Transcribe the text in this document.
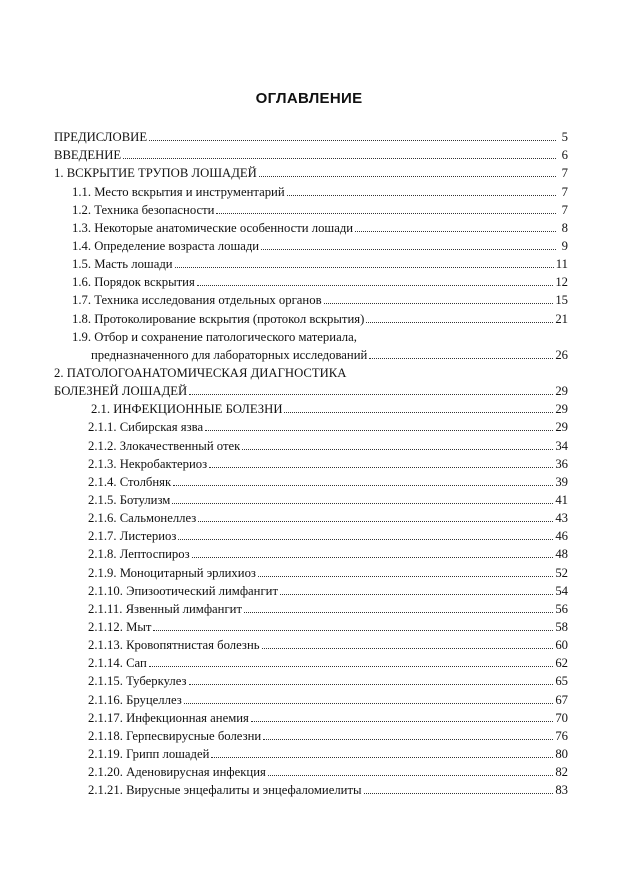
ОГЛАВЛЕНИЕ
ПРЕДИСЛОВИЕ	5
ВВЕДЕНИЕ	6
1. ВСКРЫТИЕ ТРУПОВ ЛОШАДЕЙ	7
1.1. Место вскрытия и инструментарий	7
1.2. Техника безопасности	7
1.3. Некоторые анатомические особенности лошади	8
1.4. Определение возраста лошади	9
1.5. Масть лошади	11
1.6. Порядок вскрытия	12
1.7. Техника исследования отдельных органов	15
1.8. Протоколирование вскрытия (протокол вскрытия)	21
1.9. Отбор и сохранение патологического материала,
предназначенного для лабораторных исследований	26
2. ПАТОЛОГОАНАТОМИЧЕСКАЯ ДИАГНОСТИКА
БОЛЕЗНЕЙ ЛОШАДЕЙ	29
2.1. ИНФЕКЦИОННЫЕ БОЛЕЗНИ	29
2.1.1. Сибирская язва	29
2.1.2. Злокачественный отек	34
2.1.3. Некробактериоз	36
2.1.4. Столбняк	39
2.1.5. Ботулизм	41
2.1.6. Сальмонеллез	43
2.1.7. Листериоз	46
2.1.8. Лептоспироз	48
2.1.9. Моноцитарный эрлихиоз	52
2.1.10. Эпизоотический лимфангит	54
2.1.11. Язвенный лимфангит	56
2.1.12. Мыт	58
2.1.13. Кровопятнистая болезнь	60
2.1.14. Сап	62
2.1.15. Туберкулез	65
2.1.16. Бруцеллез	67
2.1.17. Инфекционная анемия	70
2.1.18. Герпесвирусные болезни	76
2.1.19. Грипп лошадей	80
2.1.20. Аденовирусная инфекция	82
2.1.21. Вирусные энцефалиты и энцефаломиелиты	83
